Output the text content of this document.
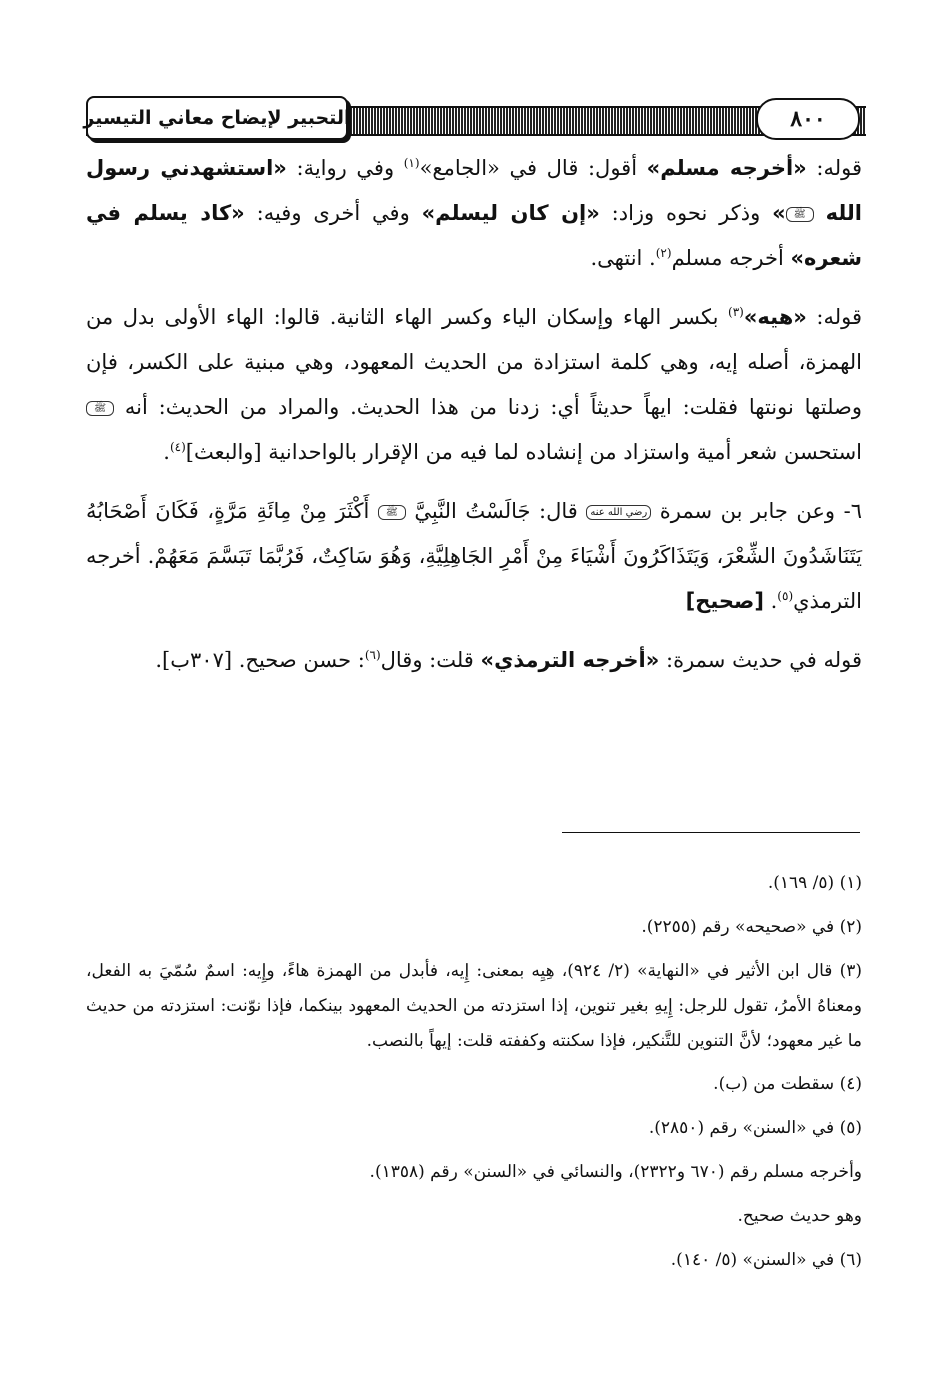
التحبير لإيضاح معاني التيسير	٨٠٠

قوله: «أخرجه مسلم» أقول: قال في «الجامع»$^{(١)}$ وفي رواية: «استشهدني رسول الله ﷺ» وذكر نحوه وزاد: «إن كان ليسلم» وفي أخرى وفيه: «كاد يسلم في شعره» أخرجه مسلم$^{(٢)}$. انتهى.

قوله: «هيه»$^{(٣)}$ بكسر الهاء وإسكان الياء وكسر الهاء الثانية. قالوا: الهاء الأولى بدل من الهمزة، أصله إيه، وهي كلمة استزادة من الحديث المعهود، وهي مبنية على الكسر، فإن وصلتها نونتها فقلت: ايهاً حديثاً أي: زدنا من هذا الحديث. والمراد من الحديث: أنه ﷺ استحسن شعر أمية واستزاد من إنشاده لما فيه من الإقرار بالواحدانية [والبعث]$^{(٤)}$.

٦- وعن جابر بن سمرة رضي الله عنه قال: جَالَسْتُ النَّبِيَّ ﷺ أَكْثَرَ مِنْ مِائَةِ مَرَّةٍ، فَكَانَ أَصْحَابُهُ يَتَنَاشَدُونَ الشِّعْرَ، وَيَتَذَاكَرُونَ أَشْيَاءَ مِنْ أَمْرِ الجَاهِلِيَّةِ، وَهُوَ سَاكِتٌ، فَرُبَّمَا تَبَسَّمَ مَعَهُمْ. أخرجه الترمذي$^{(٥)}$. [صحيح]

قوله في حديث سمرة: «أخرجه الترمذي» قلت: وقال$^{(٦)}$: حسن صحيح. [٣٠٧ب].

(١) (٥/ ١٦٩).

(٢) في «صحيحه» رقم (٢٢٥٥).

(٣) قال ابن الأثير في «النهاية» (٢/ ٩٢٤)، هِيِه بمعنى: إِيه، فأبدل من الهمزة هاءً، وإِيه: اسمٌ سُمّيَ به الفعل، ومعناهُ الأمرُ، تقول للرجل: إِيهِ بغير تنوين، إذا استزدته من الحديث المعهود بينكما، فإذا نوّنت: استزدته من حديث ما غير معهود؛ لأنَّ التنوين للتَّنكير، فإذا سكنته وكففته قلت: إيهاً بالنصب.

(٤) سقطت من (ب).

(٥) في «السنن» رقم (٢٨٥٠).

وأخرجه مسلم رقم (٦٧٠ و٢٣٢٢)، والنسائي في «السنن» رقم (١٣٥٨).

وهو حديث صحيح.

(٦) في «السنن» (٥/ ١٤٠).
